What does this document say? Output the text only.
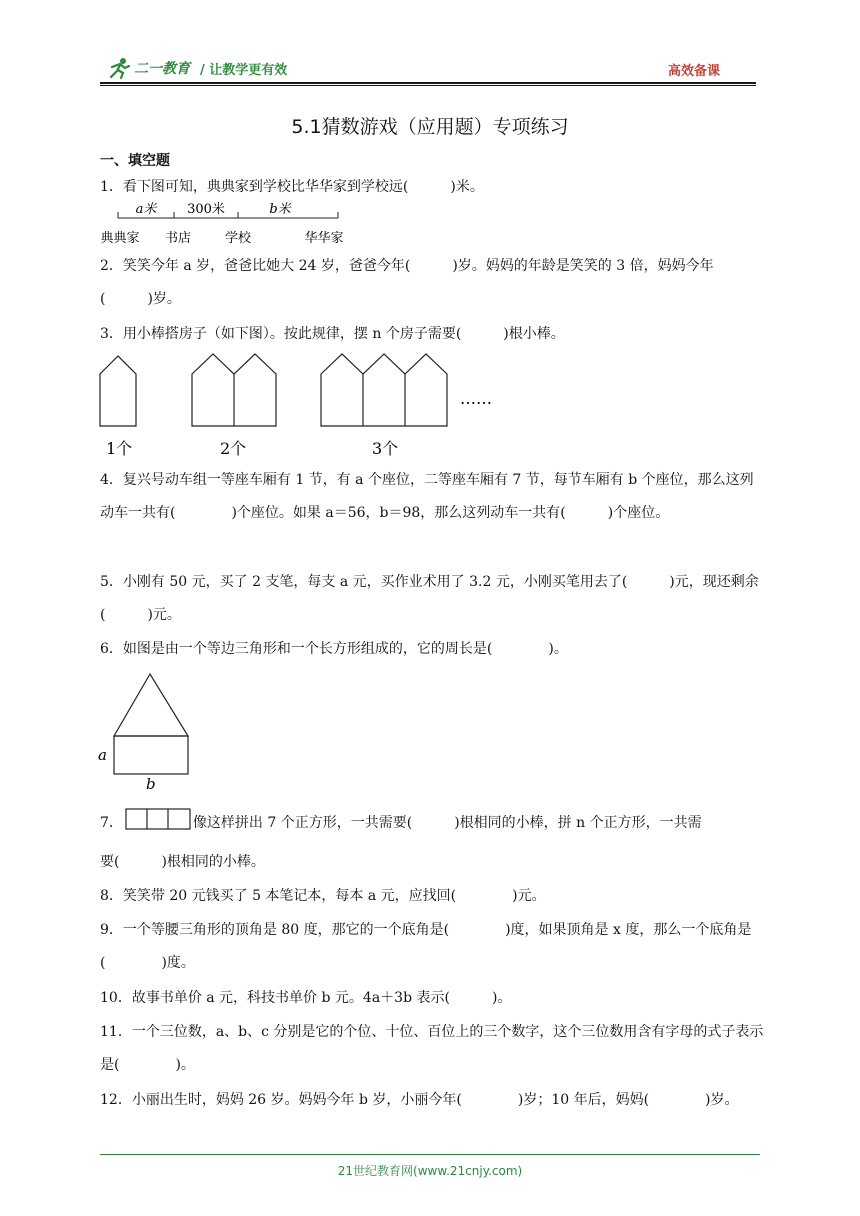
二一教育 / 让教学更有效	高效备课
5.1猜数游戏（应用题）专项练习
一、填空题
1．看下图可知，典典家到学校比华华家到学校远(　　　)米。
a米 300米	b米
典典家 书店	学校	华华家
2．笑笑今年 a 岁，爸爸比她大 24 岁，爸爸今年(　　　)岁。妈妈的年龄是笑笑的 3 倍，妈妈今年(　　　)岁。
3．用小棒搭房子（如下图）。按此规律，摆 n 个房子需要(　　　)根小棒。
……
1个	2个	3个
4．复兴号动车组一等座车厢有 1 节，有 a 个座位，二等座车厢有 7 节，每节车厢有 b 个座位，那么这列动车一共有(　　　　)个座位。如果 a＝56，b＝98，那么这列动车一共有(　　　)个座位。
5．小刚有 50 元，买了 2 支笔，每支 a 元，买作业术用了 3.2 元，小刚买笔用去了(　　　)元，现还剩余(　　　)元。
6．如图是由一个等边三角形和一个长方形组成的，它的周长是(　　　　)。
a
b
7．	像这样拼出 7 个正方形，一共需要(　　　)根相同的小棒，拼 n 个正方形，一共需
要(　　　)根相同的小棒。
8．笑笑带 20 元钱买了 5 本笔记本，每本 a 元，应找回(　　　　)元。
9．一个等腰三角形的顶角是 80 度，那它的一个底角是(　　　　)度，如果顶角是 x 度，那么一个底角是(　　　　)度。
10．故事书单价 a 元，科技书单价 b 元。4a＋3b 表示(　　　)。
11．一个三位数，a、b、c 分别是它的个位、十位、百位上的三个数字，这个三位数用含有字母的式子表示是(　　　　)。
12．小丽出生时，妈妈 26 岁。妈妈今年 b 岁，小丽今年(　　　　)岁；10 年后，妈妈(　　　　)岁。
21世纪教育网(www.21cnjy.com)
